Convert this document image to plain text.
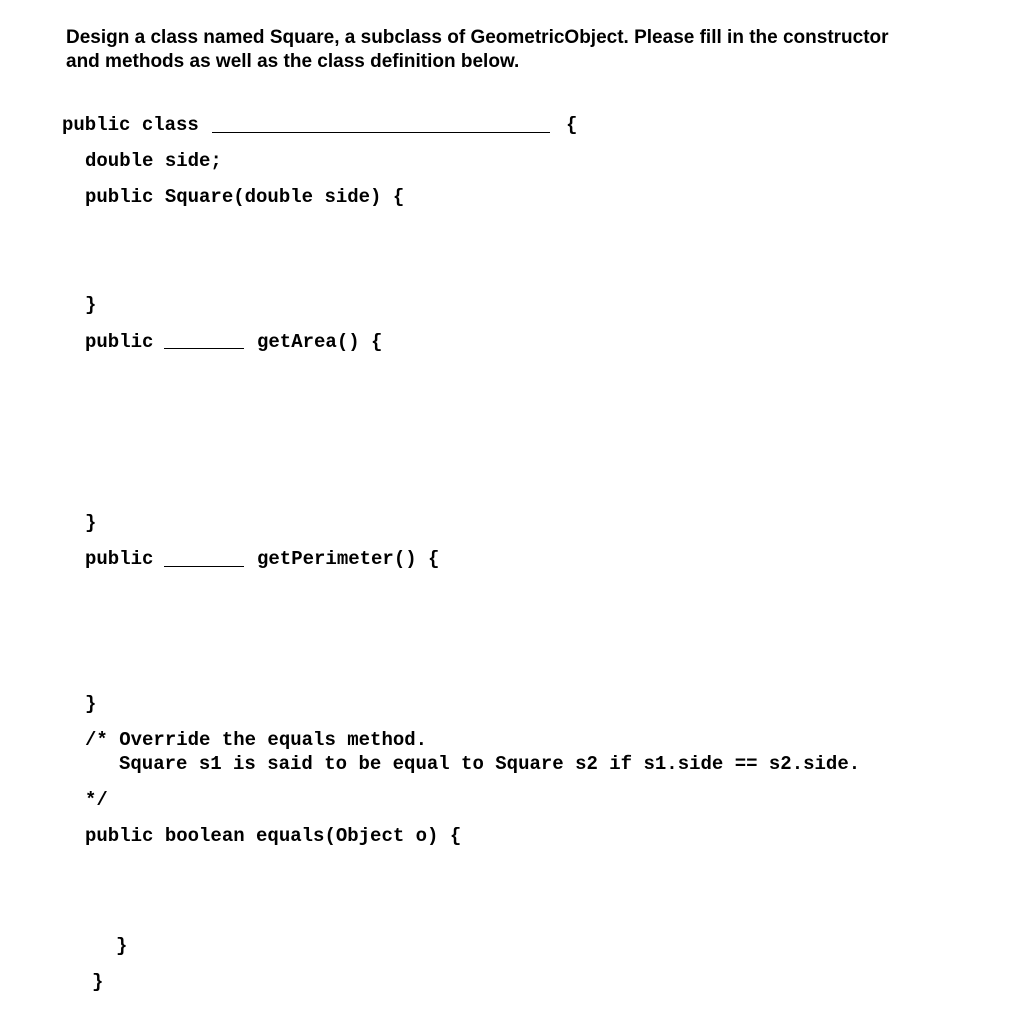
Design a class named Square, a subclass of GeometricObject. Please fill in the constructor
and methods as well as the class definition below.
public class	{
double side;
public Square(double side) {
}
public	getArea() {
}
public	getPerimeter() {
}
/* Override the equals method.
Square s1 is said to be equal to Square s2 if s1.side == s2.side.
*/
public boolean equals(Object o) {
}
}
